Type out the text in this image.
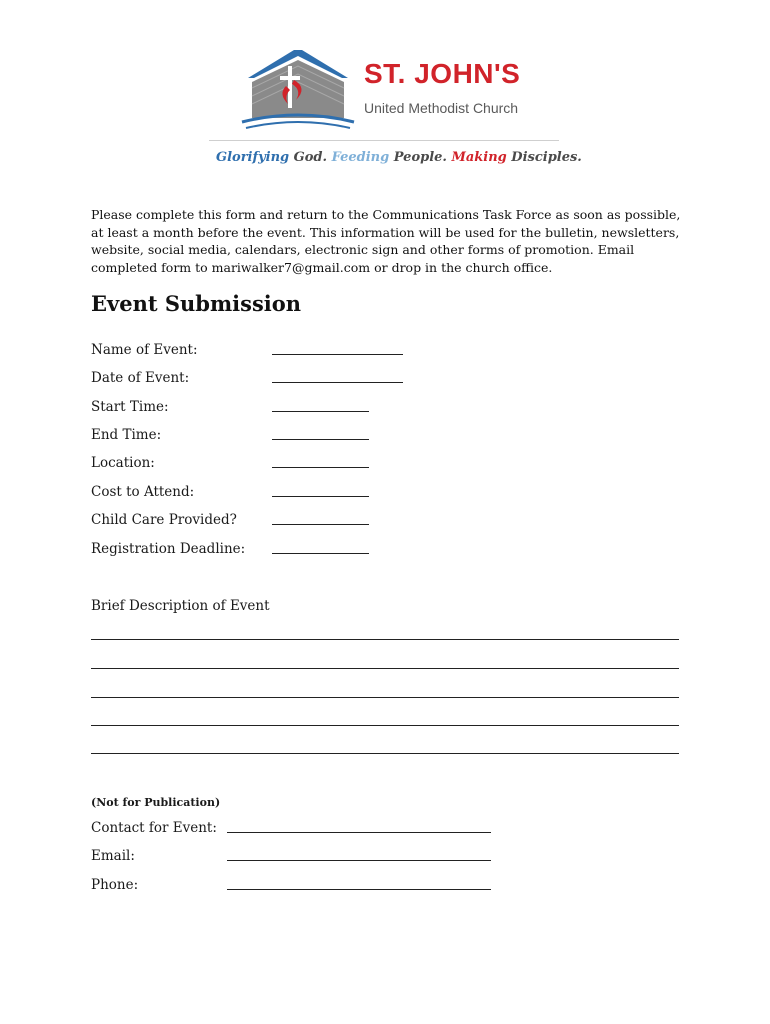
ST. JOHN'S
United Methodist Church
Glorifying God. Feeding People. Making Disciples.
Please complete this form and return to the Communications Task Force as soon as possible, at least a month before the event. This information will be used for the bulletin, newsletters, website, social media, calendars, electronic sign and other forms of promotion. Email completed form to mariwalker7@gmail.com or drop in the church office.
Event Submission
Name of Event:
Date of Event:
Start Time:
End Time:
Location:
Cost to Attend:
Child Care Provided?
Registration Deadline:
Brief Description of Event
(Not for Publication)
Contact for Event:
Email:
Phone:
